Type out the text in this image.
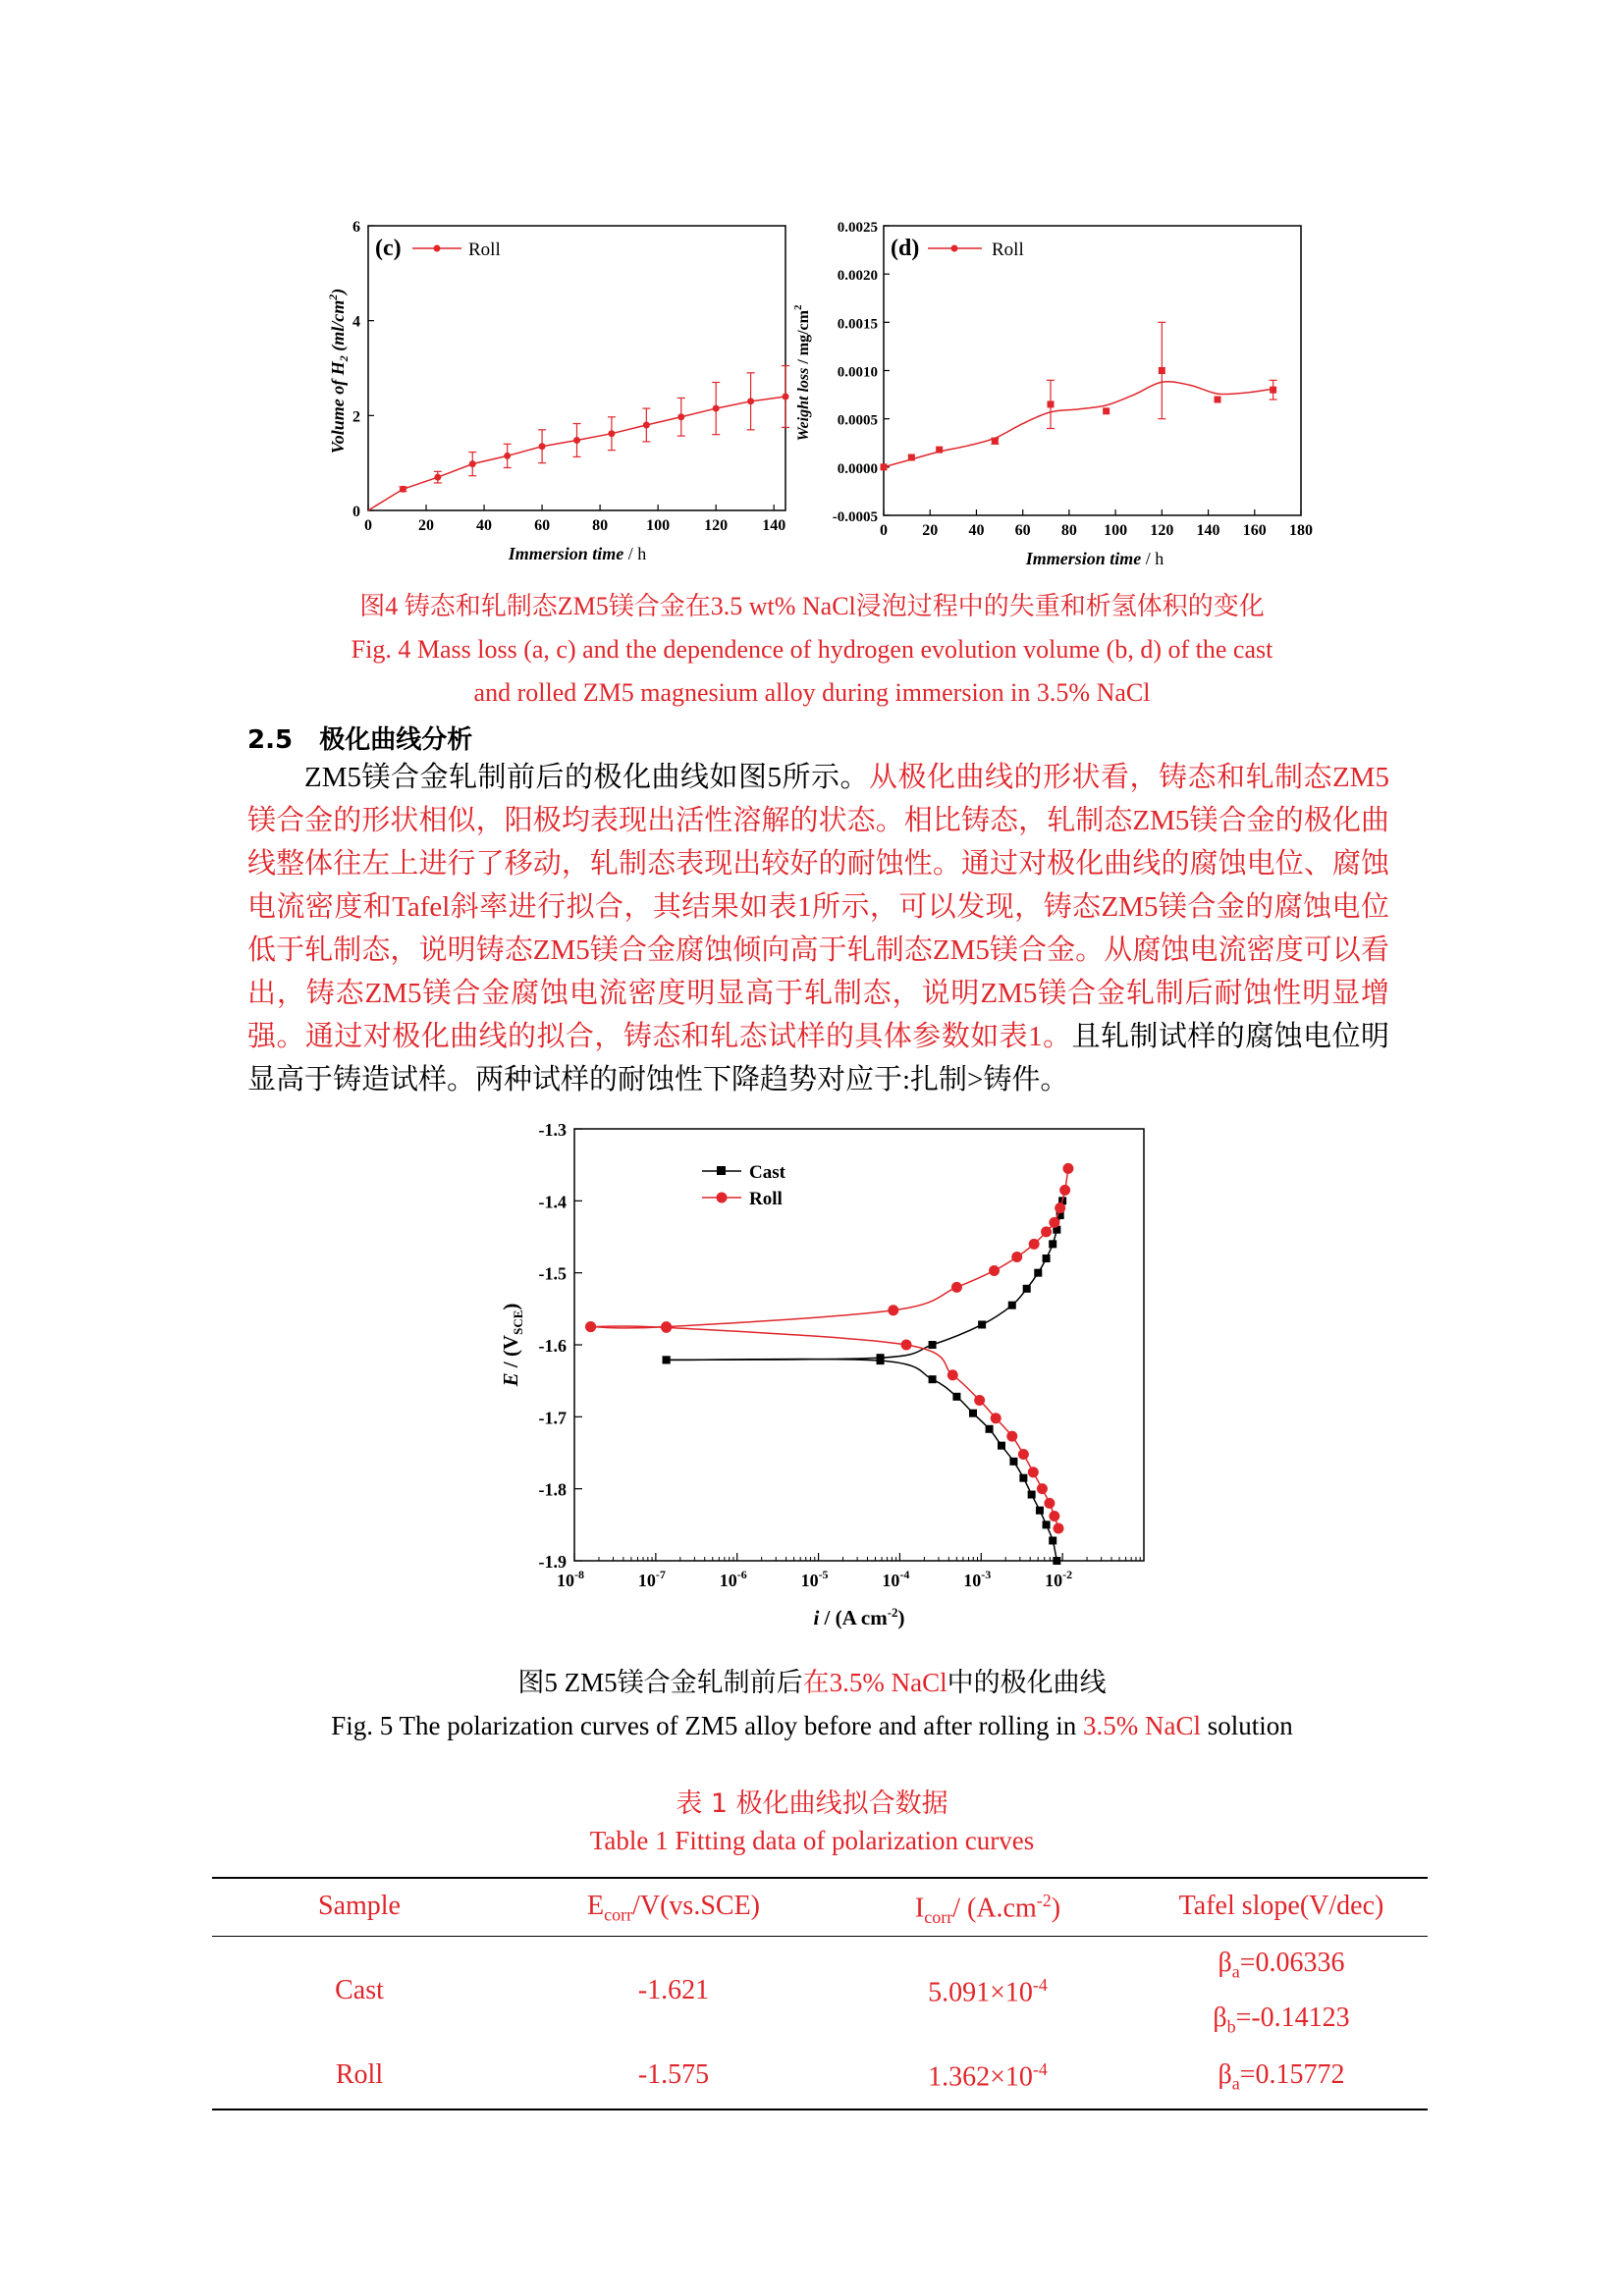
0	20	40	60	80 100 120 140
0
2
4
6
(c)	Roll
Volume of $H_2$ $(ml/cm^2)$
Immersion time / h
0 20 40 60 80 100 120 140 160 180
-0.0005
0.0000
0.0005
0.0010
0.0015
0.0020
0.0025
(d)	Roll
Weight loss / $mg/cm^2$
Immersion time / h
图4 铸态和轧制态ZM5镁合金在3.5 wt% NaCl浸泡过程中的失重和析氢体积的变化
Fig. 4 Mass loss (a, c) and the dependence of hydrogen evolution volume (b, d) of the cast
and rolled ZM5 magnesium alloy during immersion in 3.5% NaCl
2.5 极化曲线分析
ZM5镁合金轧制前后的极化曲线如图5所示。从极化曲线的形状看，铸态和轧制态ZM5镁合金的形状相似，阳极均表现出活性溶解的状态。相比铸态，轧制态ZM5镁合金的极化曲线整体往左上进行了移动，轧制态表现出较好的耐蚀性。通过对极化曲线的腐蚀电位、腐蚀电流密度和Tafel斜率进行拟合，其结果如表1所示，可以发现，铸态ZM5镁合金的腐蚀电位低于轧制态，说明铸态ZM5镁合金腐蚀倾向高于轧制态ZM5镁合金。从腐蚀电流密度可以看出，铸态ZM5镁合金腐蚀电流密度明显高于轧制态，说明ZM5镁合金轧制后耐蚀性明显增强。通过对极化曲线的拟合，铸态和轧态试样的具体参数如表1。且轧制试样的腐蚀电位明显高于铸造试样。两种试样的耐蚀性下降趋势对应于:扎制>铸件。
$10^{-8}$	$10^{-7}$	$10^{-6}$	$10^{-5}$	$10^{-4}$	$10^{-3}$	$10^{-2}$
-1.3
-1.4
-1.5
-1.6
-1.7
-1.8
-1.9
Cast
Roll
E / $(V_{SCE})$
i / (A $cm^{-2}$)
图5 ZM5镁合金轧制前后在3.5% NaCl中的极化曲线
Fig. 5 The polarization curves of ZM5 alloy before and after rolling in 3.5% NaCl solution
表 1 极化曲线拟合数据
Table 1 Fitting data of polarization curves
Sample	$E_{corr}/V(vs.SCE)$	$I_{corr}/$ $(A.cm^{-2})$	Tafel slope(V/dec)
Cast	-1.621	$5.091\times 10^{-4}$
$\beta_a=0.06336$
$\beta_b=-0.14123$
Roll	-1.575	$1.362\times 10^{-4}$	$\beta_a=0.15772$
